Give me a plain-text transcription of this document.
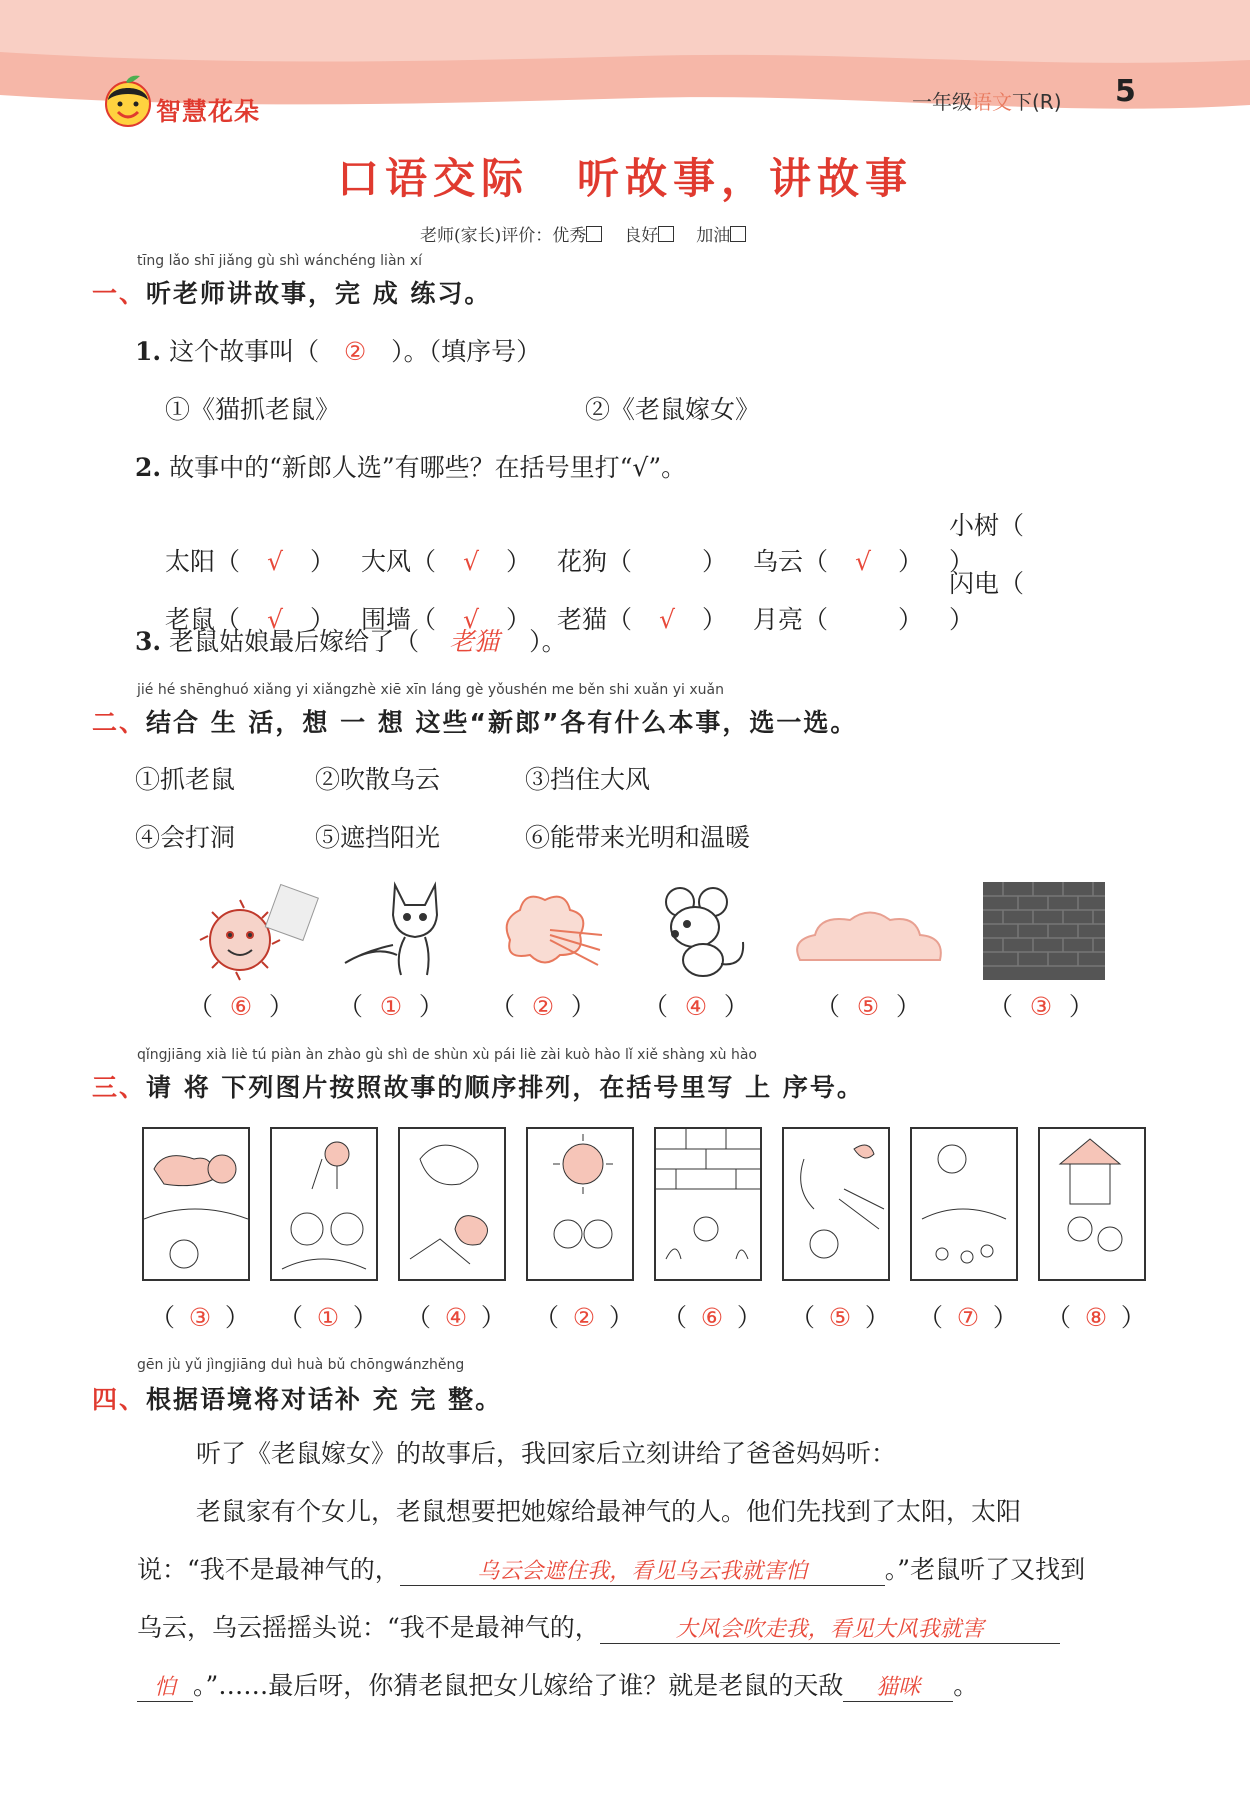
智慧花朵	一年级语文下(R) 5
口语交际　听故事，讲故事
老师(家长)评价：优秀 良好 加油
tīng lǎo shī jiǎng gù shì wánchéng liàn xí
一、听老师讲故事，完 成 练习。
1. 这个故事叫（ ② ）。（填序号）
①《猫抓老鼠》	②《老鼠嫁女》
2. 故事中的“新郎人选”有哪些？在括号里打“√”。
太阳（ √ ） 大风（ √ ） 花狗（	） 乌云（ √ ）小树（）
老鼠（ √ ） 围墙（ √ ） 老猫（ √ ） 月亮（	）闪电（）
3. 老鼠姑娘最后嫁给了（ 老猫 ）。
jié hé shēnghuó xiǎng yi xiǎngzhè xiē xīn láng gè yǒushén me běn shi xuǎn yi xuǎn
二、结合 生 活，想 一 想 这些“新郎”各有什么本事，选一选。
①抓老鼠	②吹散乌云	③挡住大风
④会打洞	⑤遮挡阳光	⑥能带来光明和温暖
（ ⑥ ） （ ① ） （ ② ） （ ④ ）	（ ⑤ ）	（ ③ ）
qǐngjiāng xià liè tú piàn àn zhào gù shì de shùn xù pái liè zài kuò hào lǐ xiě shàng xù hào
三、请 将 下列图片按照故事的顺序排列，在括号里写 上 序号。
（ ③ ） （ ① ） （ ④ ） （ ② ） （ ⑥ ） （ ⑤ ） （ ⑦ ） （ ⑧ ）
gēn jù yǔ jìngjiāng duì huà bǔ chōngwánzhěng
四、根据语境将对话补 充 完 整。
听了《老鼠嫁女》的故事后，我回家后立刻讲给了爸爸妈妈听：
老鼠家有个女儿，老鼠想要把她嫁给最神气的人。他们先找到了太阳，太阳
说：“我不是最神气的，	乌云会遮住我，看见乌云我就害怕	。”老鼠听了又找到
乌云，乌云摇摇头说：“我不是最神气的，	大风会吹走我，看见大风我就害
怕 。”……最后呀，你猜老鼠把女儿嫁给了谁？就是老鼠的天敌 猫咪 。
